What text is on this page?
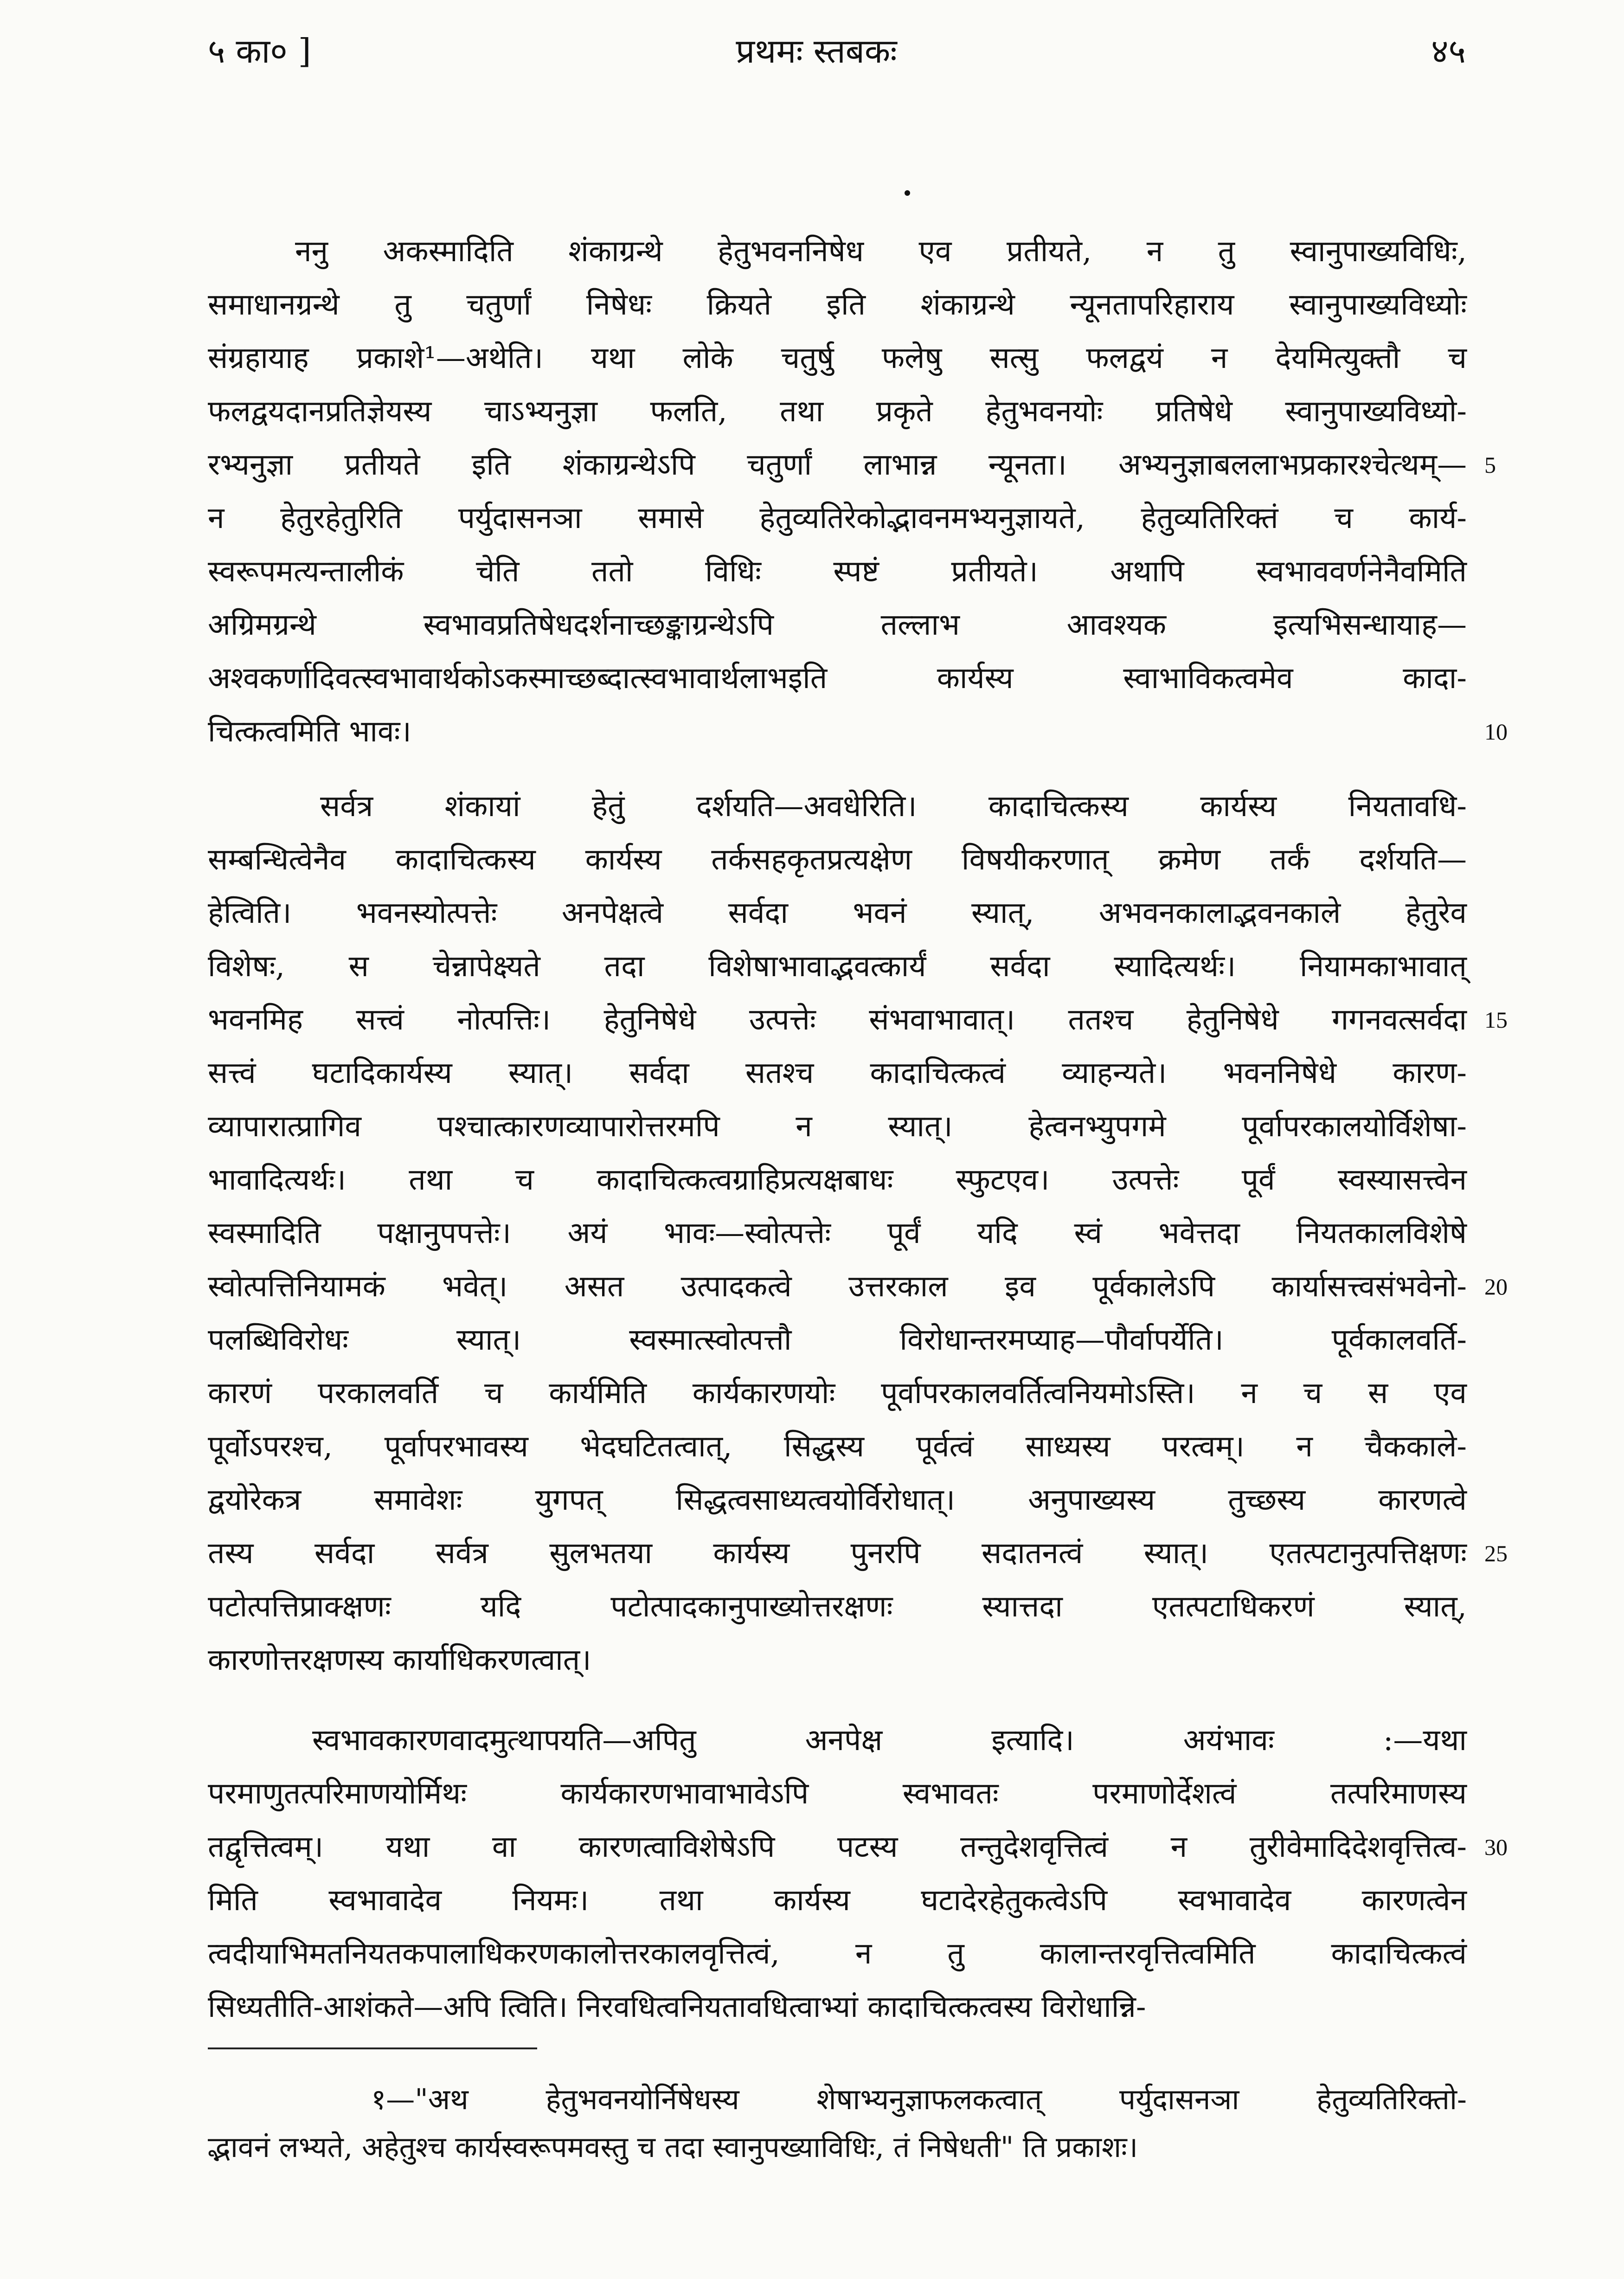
५ का० ]	प्रथमः स्तबकः	४५
ननु अकस्मादिति शंकाग्रन्थे हेतुभवननिषेध एव प्रतीयते, न तु स्वानुपाख्यविधिः,
समाधानग्रन्थे तु चतुर्णां निषेधः क्रियते इति शंकाग्रन्थे न्यूनतापरिहाराय स्वानुपाख्यविध्योः
संग्रहायाह प्रकाशे¹—अथेति। यथा लोके चतुर्षु फलेषु सत्सु फलद्वयं न देयमित्युक्तौ च
फलद्वयदानप्रतिज्ञेयस्य चाऽभ्यनुज्ञा फलति, तथा प्रकृते हेतुभवनयोः प्रतिषेधे स्वानुपाख्यविध्यो-
रभ्यनुज्ञा प्रतीयते इति शंकाग्रन्थेऽपि चतुर्णां लाभान्न न्यूनता। अभ्यनुज्ञाबललाभप्रकारश्चेत्थम्— 5
न हेतुरहेतुरिति पर्युदासनञा समासे हेतुव्यतिरेकोद्भावनमभ्यनुज्ञायते, हेतुव्यतिरिक्तं च कार्य-
स्वरूपमत्यन्तालीकं चेति ततो विधिः स्पष्टं प्रतीयते। अथापि स्वभाववर्णनेनैवमिति
अग्रिमग्रन्थे स्वभावप्रतिषेधदर्शनाच्छङ्काग्रन्थेऽपि तल्लाभ आवश्यक इत्यभिसन्धायाह—
अश्वकर्णादिवत्स्वभावार्थकोऽकस्माच्छब्दात्स्वभावार्थलाभइति कार्यस्य स्वाभाविकत्वमेव कादा-
चित्कत्वमिति भावः।	10
सर्वत्र शंकायां हेतुं दर्शयति—अवधेरिति। कादाचित्कस्य कार्यस्य नियतावधि-
सम्बन्धित्वेनैव कादाचित्कस्य कार्यस्य तर्कसहकृतप्रत्यक्षेण विषयीकरणात् क्रमेण तर्कं दर्शयति—
हेत्विति। भवनस्योत्पत्तेः अनपेक्षत्वे सर्वदा भवनं स्यात्, अभवनकालाद्भवनकाले हेतुरेव
विशेषः, स चेन्नापेक्ष्यते तदा विशेषाभावाद्भवत्कार्यं सर्वदा स्यादित्यर्थः। नियामकाभावात्
भवनमिह सत्त्वं नोत्पत्तिः। हेतुनिषेधे उत्पत्तेः संभवाभावात्। ततश्च हेतुनिषेधे गगनवत्सर्वदा 15
सत्त्वं घटादिकार्यस्य स्यात्। सर्वदा सतश्च कादाचित्कत्वं व्याहन्यते। भवननिषेधे कारण-
व्यापारात्प्रागिव पश्चात्कारणव्यापारोत्तरमपि न स्यात्। हेत्वनभ्युपगमे पूर्वापरकालयोर्विशेषा-
भावादित्यर्थः। तथा च कादाचित्कत्वग्राहिप्रत्यक्षबाधः स्फुटएव। उत्पत्तेः पूर्वं स्वस्यासत्त्वेन
स्वस्मादिति पक्षानुपपत्तेः। अयं भावः—स्वोत्पत्तेः पूर्वं यदि स्वं भवेत्तदा नियतकालविशेषे
स्वोत्पत्तिनियामकं भवेत्। असत उत्पादकत्वे उत्तरकाल इव पूर्वकालेऽपि कार्यासत्त्वसंभवेनो- 20
पलब्धिविरोधः स्यात्। स्वस्मात्स्वोत्पत्तौ विरोधान्तरमप्याह—पौर्वापर्येति। पूर्वकालवर्ति-
कारणं परकालवर्ति च कार्यमिति कार्यकारणयोः पूर्वापरकालवर्तित्वनियमोऽस्ति। न च स एव
पूर्वोऽपरश्च, पूर्वापरभावस्य भेदघटितत्वात्, सिद्धस्य पूर्वत्वं साध्यस्य परत्वम्। न चैककाले-
द्वयोरेकत्र समावेशः युगपत् सिद्धत्वसाध्यत्वयोर्विरोधात्। अनुपाख्यस्य तुच्छस्य कारणत्वे
तस्य सर्वदा सर्वत्र सुलभतया कार्यस्य पुनरपि सदातनत्वं स्यात्। एतत्पटानुत्पत्तिक्षणः 25
पटोत्पत्तिप्राक्क्षणः यदि पटोत्पादकानुपाख्योत्तरक्षणः स्यात्तदा एतत्पटाधिकरणं स्यात्,
कारणोत्तरक्षणस्य कार्याधिकरणत्वात्।
स्वभावकारणवादमुत्थापयति—अपितु अनपेक्ष इत्यादि। अयंभावः :—यथा
परमाणुतत्परिमाणयोर्मिथः कार्यकारणभावाभावेऽपि स्वभावतः परमाणोर्देशत्वं तत्परिमाणस्य
तद्वृत्तित्वम्। यथा वा कारणत्वाविशेषेऽपि पटस्य तन्तुदेशवृत्तित्वं न तुरीवेमादिदेशवृत्तित्व- 30
मिति स्वभावादेव नियमः। तथा कार्यस्य घटादेरहेतुकत्वेऽपि स्वभावादेव कारणत्वेन
त्वदीयाभिमतनियतकपालाधिकरणकालोत्तरकालवृत्तित्वं, न तु कालान्तरवृत्तित्वमिति कादाचित्कत्वं
सिध्यतीति-आशंकते—अपि त्विति। निरवधित्वनियतावधित्वाभ्यां कादाचित्कत्वस्य विरोधान्नि-
१—"अथ हेतुभवनयोर्निषेधस्य शेषाभ्यनुज्ञाफलकत्वात् पर्युदासनञा हेतुव्यतिरिक्तो-
द्भावनं लभ्यते, अहेतुश्च कार्यस्वरूपमवस्तु च तदा स्वानुपख्याविधिः, तं निषेधती" ति प्रकाशः।
